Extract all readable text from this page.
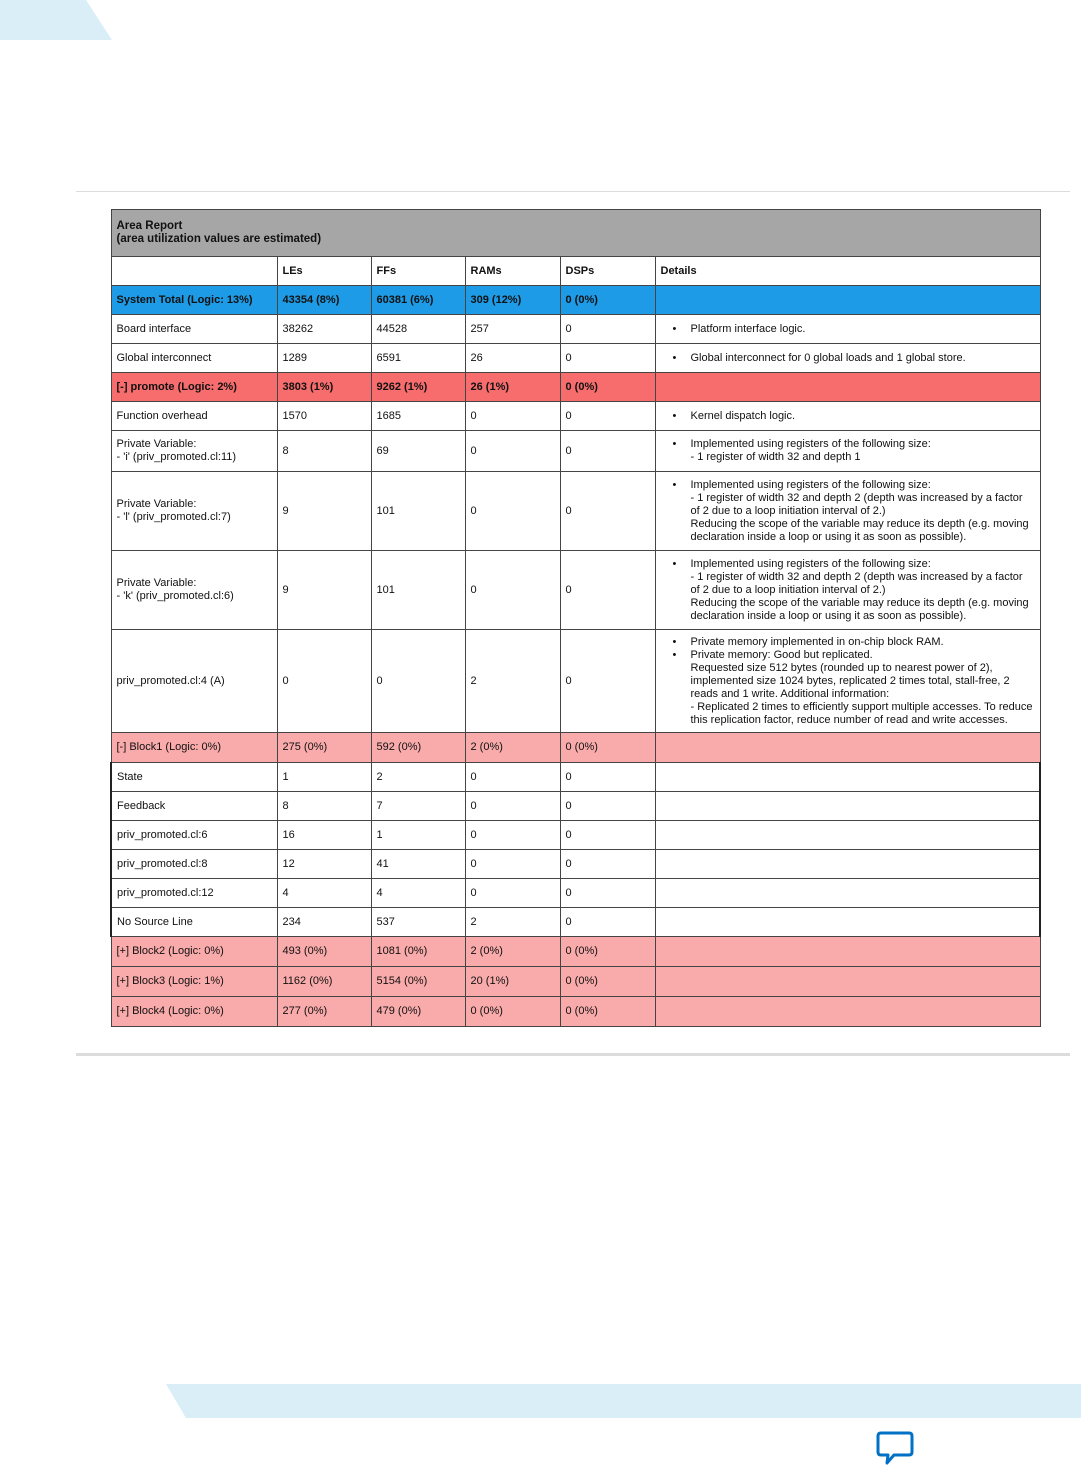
Area Report
(area utilization values are estimated)					

	LEs	FFs	RAMs	DSPs	Details
System Total (Logic: 13%)	43354 (8%)	60381 (6%)	309 (12%)	0 (0%)	
Board interface	38262	44528	257	0	• Platform interface logic.

Global interconnect	1289	6591	26	0	• Global interconnect for 0 global loads and 1 global store.

[-] promote (Logic: 2%)	3803 (1%)	9262 (1%)	26 (1%)	0 (0%)	
Function overhead	1570	1685	0	0	• Kernel dispatch logic.

Private Variable:
- 'i' (priv_promoted.cl:11)	8	69	0	0	• Implemented using registers of the following size:
- 1 register of width 32 and depth 1

Private Variable:
- 'l' (priv_promoted.cl:7)	9	101	0	0	• Implemented using registers of the following size:
- 1 register of width 32 and depth 2 (depth was increased by a factor of 2 due to a loop initiation interval of 2.)
Reducing the scope of the variable may reduce its depth (e.g. moving declaration inside a loop or using it as soon as possible).

Private Variable:
- 'k' (priv_promoted.cl:6)	9	101	0	0	• Implemented using registers of the following size:
- 1 register of width 32 and depth 2 (depth was increased by a factor of 2 due to a loop initiation interval of 2.)
Reducing the scope of the variable may reduce its depth (e.g. moving declaration inside a loop or using it as soon as possible).

priv_promoted.cl:4 (A)	0	0	2	0	• Private memory implemented in on-chip block RAM.
• Private memory: Good but replicated.
Requested size 512 bytes (rounded up to nearest power of 2), implemented size 1024 bytes, replicated 2 times total, stall-free, 2 reads and 1 write. Additional information:
- Replicated 2 times to efficiently support multiple accesses. To reduce this replication factor, reduce number of read and write accesses.

[-] Block1 (Logic: 0%)	275 (0%)	592 (0%)	2 (0%)	0 (0%)	
State	1	2	0	0	
Feedback	8	7	0	0	
priv_promoted.cl:6	16	1	0	0	
priv_promoted.cl:8	12	41	0	0	
priv_promoted.cl:12	4	4	0	0	
No Source Line	234	537	2	0	
[+] Block2 (Logic: 0%)	493 (0%)	1081 (0%)	2 (0%)	0 (0%)	
[+] Block3 (Logic: 1%)	1162 (0%)	5154 (0%)	20 (1%)	0 (0%)	
[+] Block4 (Logic: 0%)	277 (0%)	479 (0%)	0 (0%)	0 (0%)	
